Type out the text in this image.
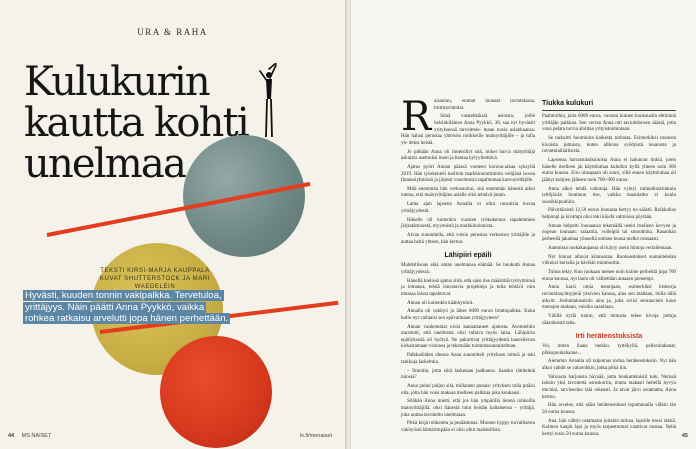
URA & RAHA
Kulukurin
kautta kohti
unelmaa
TEKSTI KIRSI-MARJA KAUPPALA
KUVAT SHUTTERSTOCK JA MARI WAEDELEIN
Hyvästi, kuuden tonnin vakipalkka. Tervetuloa,
yrittäjyys. Näin päätti Anna Pyykkö, vaikka
rohkea ratkaisu arvelutti jopa hänen perhettään.
44 MS NAISET	ls.fi/menaiset

Raisaniuu, ennnot loonaat ravintolassa, brittiravintolat.

Siinä vaiatehkiksiä asioista, joille helsinkiläinen Anna Pyykkö, 38, saa nyt hyvästit yrityksensä tarvoittele- maan uusia asiakkaansa. Hän halusi perustaa yhteisön roiikkeille mainyrittäjille – ja tulla yh- deksi heistä.

Jo pitkään Anna oli ilmeisillyt sitä, mikei hurva mätyrittäjä askuitus asettuiksi inoei ja hantaa kylyylteittävä.

Ajatus pyöri Annan päässä vuoteen korona-aikaa syksyllä 2019. Hän työskenteli tuolloin markkinointitiimin vetäjänä isossa finanssiyhtiössä ja järjesti vuosittaista tapahtumaa kasvuyrittäjille.

Mitä enemmän hän verkostoitui, sitä enemmän hänestä alkoi tuntua, että mainyrittäjien asialle olisi tehtävä jotain.

Lama ajan lapsena Annalla ei ollut ruusuisia kuvaa yrittäjyydestä.

Hänelle oli kuitenkin vuosien työkokemus tapahtumien järjestämisestä, myynnistä ja markkinoinnista.

Aivan suunnitella, että voisin perustaa verkoston yrittäjille ja auttaa heitä yhteen, hän kertoo.

Lähipiiri epäili

Mahdollisuus elää oman unelmansa elämää. Se houkutti Annaa yrittäjyydessä.

Hänellä kielissä ajatus siitä, että saisi itse määrittää työrytminsä ja lomansa, tehdä innostavia projekteja ja tulla tehtävä vain omassa laissa tapahtuvat.

Annan oli kuitenkin käännyttävä.

Annalla oli vakityö ja lähes 6000 euron bruttopalkka. Kuka hullu nyt vaihtaisi sen epävarmaan yrittäjyyteen?

Annan vanhemmat eivät kannattaneet ajatusta. Avomiehiin muistutti, että unelmista olisi tultava myös laina. Lähipiirin epäilyksistä oli hyötyä. Ne pakottivat yrittäjyydestä haaveilevan kirkastamaan visionsa ja tekemään toimintasuunnitelman.

Palkkatöiden ohessa Anna suunnitteli yrityksen nimeä ja teki tarkkoja laskelmia.

– Ilmoitin, jotta siitä lasketaan jaalkansa. Saanko rättitelmä tulosia?

Anna puhui paljon sitä, millainen punaisi yrityksen tulla pitäisi olla, jotta hän voisi maksaa itselleen palkkaa joka kuukausi.

Sitähän Anna mietti, että jos hän ympärillä tiennä rohkeilla mainyrittäjillä, olisi hänestä tulut heidän kaltaisensa – yrittäjä, joka auttaa tavoiteltu unelmiaan.

Pitkä kirjä rohkeutta ja pesäämmas. Muuten hyppy turvallisesta vakityöstä hämärimpään ei olisi ollut mahdollista.

Tiukka kulukuri

Paahtorihia, joita 6000 euroa, vuotani kuinen kuukausiin ehtiminä yrittäjän palkkaa. Sen verran Anna otti taviohdonsen säästä, jotta voisi pelata turvia aloittaa yrityistoimintaan.

Se tarkoitti huomioita kaikesta turhasta. Esimerkiksi monista kivoista juttuista, kuten allkona syödyistä leuanista ja ravintolaillallisista.

Lapsensa harrastuksikuluista Anna ei halunnut tinkiä, joten hänelle itselleen jäi käyttörahaa kuluihin kyllä yhteen noin 300 euroa kuussa. Eiro uimapaan oli suuri, sillä ennen käyttörahaa oli jäänyt kuhjien jälkeen noin 700–900 euroa.

Anna alkoi tehdä valintoja. Hän vyhtyi ruimeihinkiinkuin tyttöjävän loumuun itse, vaikka maanlaitto ei kuulu suosikkipuuhiin.

Päivittäisistä 12,50 euron lounasta kertyy no säästö. Roikkalius helponpi ja kivampi olisi toki käydä valmiissa pöytään.

Annan helpotti lounaansa tekemällä usein itselleen kevyen ja nopean lounaan: salaattia, voileipiä tai smoothiita. Rasanhän perheellä jakamaa yöunellä uutisen kuusa melko runsaasti.

Aamuissa ruokakaupassa oli käyty usein hintoja vertailemaan.

Nyt hinnat allavat kiinnostaa. Ruokaostokset suunnitelelan viikoksi kerralla ja hävikki minimoitin.

Tuhoa tekty. Kun ruokaan menee noin kolme perhetitä jopa 700 euroa kuussa, nyt laulu oli välitettään autaaen pienempi.

Anna karsi omia menojaan, esimerkiksi bisteerja ravintolaaylmyjmiä yksivien kanssa, aina sen maltaan, milla tällä aikyitt. Joulumakisaisiin aina ja, joka aviisi seuraaviem kuun menojen maksan, voisiko saaullaan.

Välillä kyllä tuntui, että minusta tekee kivoja juttuja säästämistä talta.

Irti heräteostoksista

Voi, miten ihana mekko, tyttökyllä, pellavalakanat, pihkupuukahanne...

Aiemmin Annalla oli taipumus tortua heräteostoksiin. Nyt hän alkoi vahdit se vahavihkin, jotka pitkä tiin.

Vahvasta harjousta häynää, jotta houkuttelaisiit tulu. Netissä laitoin yksi tavoitettä ostoskoriin, mutta makasti heitellä hyvyn tmchini, tarvitsenko tätä oikeasti. Ja tavat järvi ostamatta, Anna kertoo.

Hän arvelee, että sääsi heräteostokset loputtamalla välkin tän 50 euroa kuussa.

Ana, hän välttyi ostamasta joitakin turhaa, lapsille itsesi räkkä. Kolmen kaupit lapi ja myös tarpeettomat vaattivat nostaa. Nehä kertyi tosin 50 euroa kuussa.	45
